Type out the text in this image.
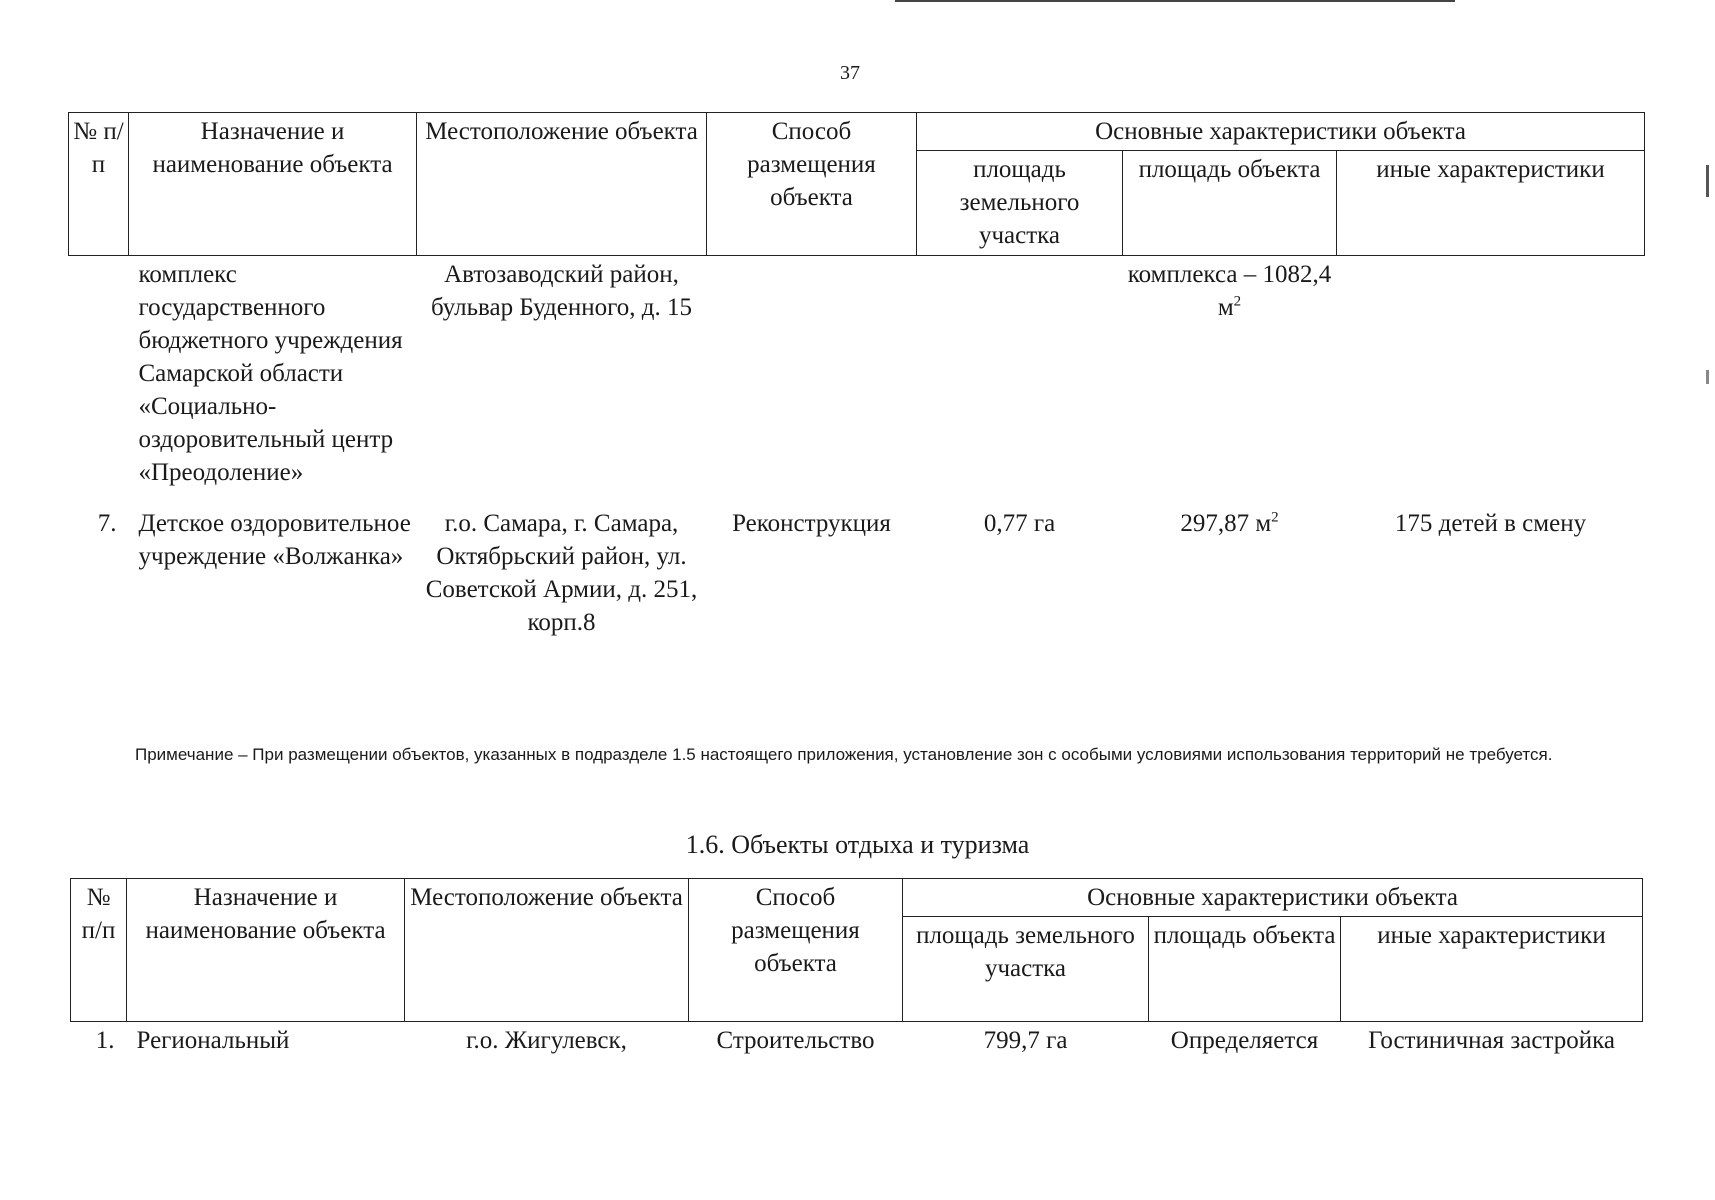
37
№ п/п	Назначение и наименование объекта	Местоположение объекта	Способ размещения объекта	Основные характеристики объекта		
				площадь земельного участка	площадь объекта	иные характеристики
	комплекс государственного бюджетного учреждения Самарской области «Социально-оздоровительный центр «Преодоление»	Автозаводский район, бульвар Буденного, д. 15			комплекса – 1082,4 $м^2$	

7.	Детское оздоровительное учреждение «Волжанка»	г.о. Самара, г. Самара, Октябрьский район, ул. Советской Армии, д. 251, корп.8	Реконструкция	0,77 га	297,87 $м^2$	175 детей в смену
Примечание – При размещении объектов, указанных в подразделе 1.5 настоящего приложения, установление зон с особыми условиями использования территорий не требуется.
1.6. Объекты отдыха и туризма
№ п/п	Назначение и наименование объекта	Местоположение объекта	Способ размещения объекта	Основные характеристики объекта		
				площадь земельного участка	площадь объекта	иные характеристики
1.	Региональный	г.о. Жигулевск,	Строительство	799,7 га	Определяется	Гостиничная застройка
